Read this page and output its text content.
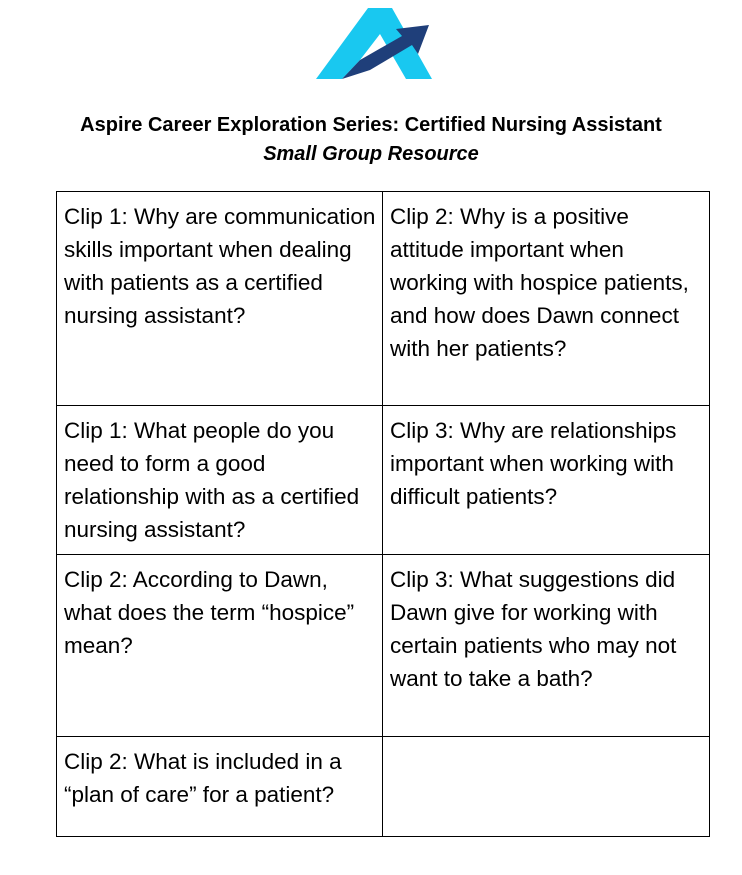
Aspire Career Exploration Series: Certified Nursing Assistant
Small Group Resource
Clip 1: Why are communication skills important when dealing with patients as a certified nursing assistant?	Clip 2: Why is a positive attitude important when working with hospice patients, and how does Dawn connect with her patients?
Clip 1: What people do you need to form a good relationship with as a certified nursing assistant?	Clip 3: Why are relationships important when working with difficult patients?
Clip 2: According to Dawn, what does the term “hospice” mean?	Clip 3: What suggestions did Dawn give for working with certain patients who may not want to take a bath?
Clip 2: What is included in a “plan of care” for a patient?	
